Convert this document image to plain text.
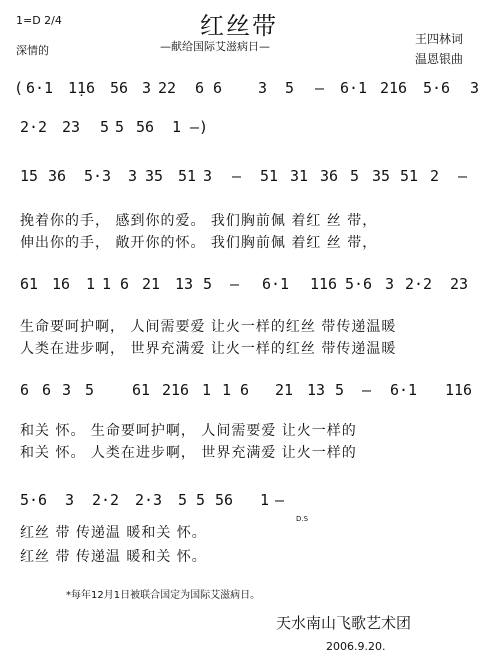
1=D 2/4
深情的
红丝带
—献给国际艾滋病日—
王四林词
温恩银曲
( 6·1 1̣16 56 3 22 6 6 3 5 — 6·1 216 5·6 3
2·2 23 5 5 56 1 —)
15 36 5·3 3 35 51 3 — 51 31 36 5 35 51 2 —
挽着你的手， 感到你的爱。 我们胸前佩 着红 丝 带，
伸出你的手， 敞开你的怀。 我们胸前佩 着红 丝 带，
61 16 1 1 6 21 13 5 — 6·1 116 5·6 3 2·2 23
生命要呵护啊， 人间需要爱 让火一样的红丝 带传递温暖
人类在进步啊， 世界充满爱 让火一样的红丝 带传递温暖
6 6 3 5	61 216 1 1 6 21 13 5 — 6·1 116
和关 怀。 生命要呵护啊， 人间需要爱 让火一样的
和关 怀。 人类在进步啊， 世界充满爱 让火一样的
5·6 3 2·2 2·3 5 5 56 1 —
红丝 带 传递温 暖和关 怀。
红丝 带 传递温 暖和关 怀。
D.S
*每年12月1日被联合国定为国际艾滋病日。
天水南山飞歌艺术团
2006.9.20.
